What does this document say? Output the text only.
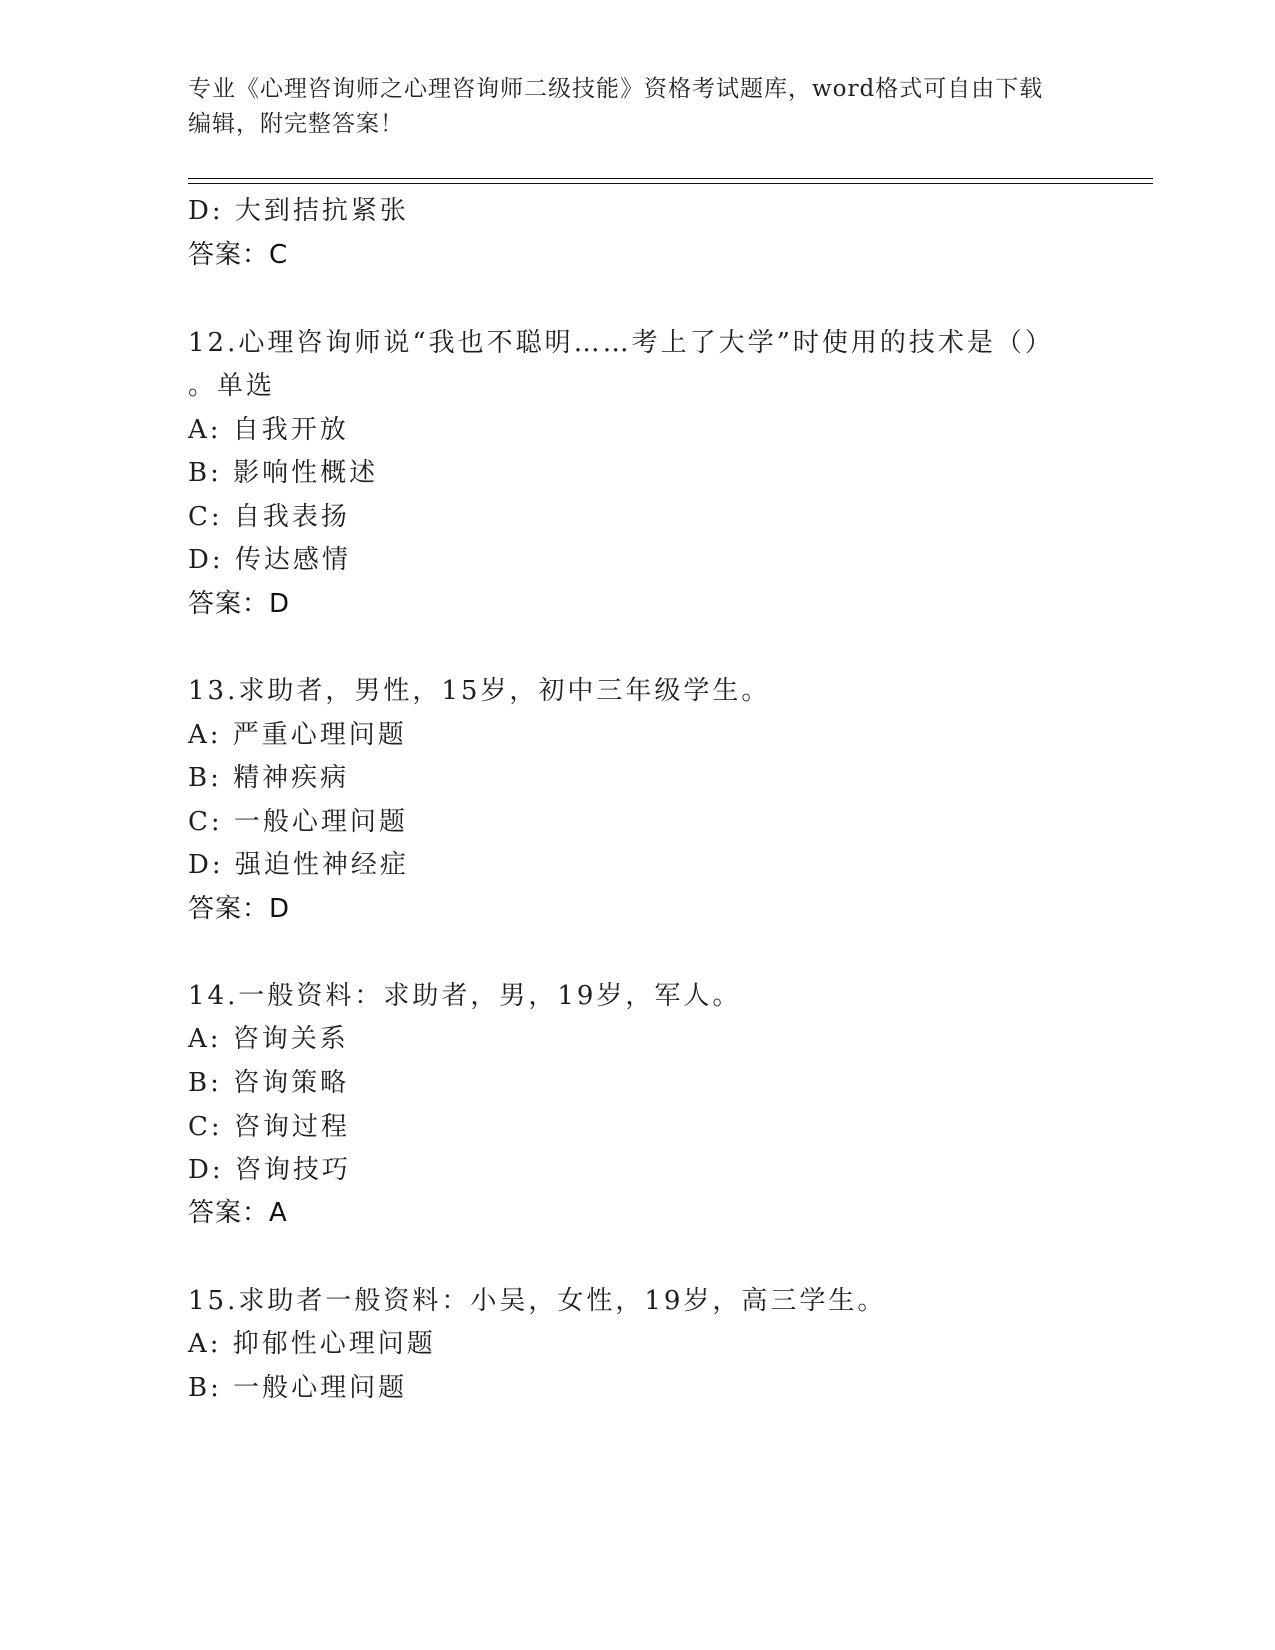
专业《心理咨询师之心理咨询师二级技能》资格考试题库，word格式可自由下载
编辑，附完整答案！
D: 大到拮抗紧张
答案：C
12.心理咨询师说“我也不聪明……考上了大学”时使用的技术是（）
。单选
A: 自我开放
B: 影响性概述
C: 自我表扬
D: 传达感情
答案：D
13.求助者，男性，15岁，初中三年级学生。
A: 严重心理问题
B: 精神疾病
C: 一般心理问题
D: 强迫性神经症
答案：D
14.一般资料：求助者，男，19岁，军人。
A: 咨询关系
B: 咨询策略
C: 咨询过程
D: 咨询技巧
答案：A
15.求助者一般资料：小吴，女性，19岁，高三学生。
A: 抑郁性心理问题
B: 一般心理问题
